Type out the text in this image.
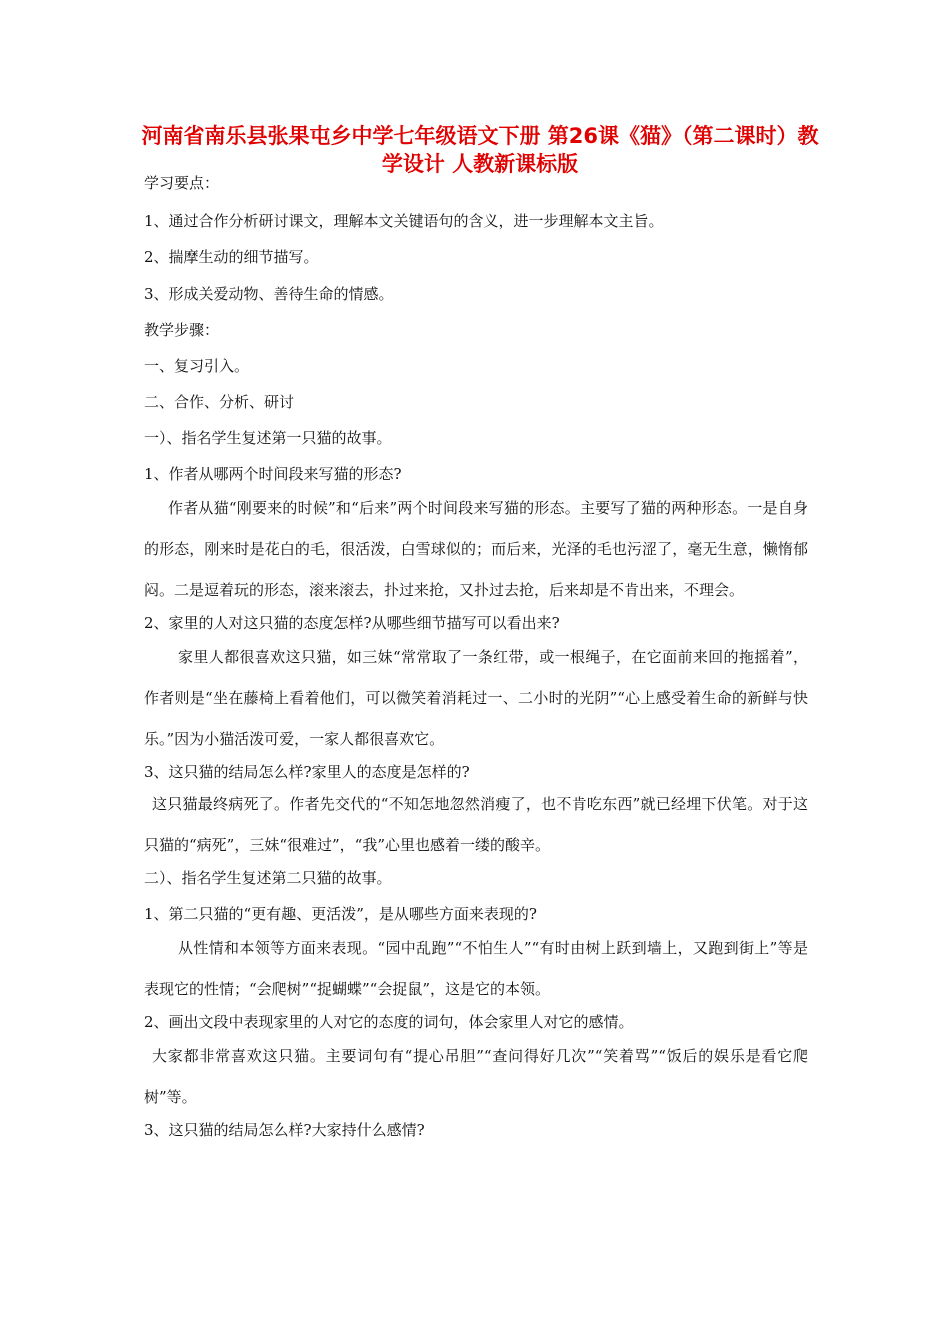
河南省南乐县张果屯乡中学七年级语文下册 第26课《猫》（第二课时）教学设计 人教新课标版

学习要点：

1、通过合作分析研讨课文，理解本文关键语句的含义，进一步理解本文主旨。

2、揣摩生动的细节描写。

3、形成关爱动物、善待生命的情感。

教学步骤：

一、复习引入。

二、合作、分析、研讨

一）、指名学生复述第一只猫的故事。

1、作者从哪两个时间段来写猫的形态?

作者从猫“刚要来的时候”和“后来”两个时间段来写猫的形态。主要写了猫的两种形态。一是自身的形态，刚来时是花白的毛，很活泼，白雪球似的；而后来，光泽的毛也污涩了，毫无生意，懒惰郁闷。二是逗着玩的形态，滚来滚去，扑过来抢，又扑过去抢，后来却是不肯出来，不理会。

2、家里的人对这只猫的态度怎样?从哪些细节描写可以看出来?

家里人都很喜欢这只猫，如三妹“常常取了一条红带，或一根绳子，在它面前来回的拖摇着”，作者则是“坐在藤椅上看着他们，可以微笑着消耗过一、二小时的光阴”“心上感受着生命的新鲜与快乐。”因为小猫活泼可爱，一家人都很喜欢它。

3、这只猫的结局怎么样?家里人的态度是怎样的?

这只猫最终病死了。作者先交代的“不知怎地忽然消瘦了，也不肯吃东西”就已经埋下伏笔。对于这只猫的“病死”，三妹“很难过”，“我”心里也感着一缕的酸辛。

二）、指名学生复述第二只猫的故事。

1、第二只猫的“更有趣、更活泼”，是从哪些方面来表现的?

从性情和本领等方面来表现。“园中乱跑”“不怕生人”“有时由树上跃到墙上，又跑到街上”等是表现它的性情；“会爬树”“捉蝴蝶”“会捉鼠”，这是它的本领。

2、画出文段中表现家里的人对它的态度的词句，体会家里人对它的感情。

大家都非常喜欢这只猫。主要词句有“提心吊胆”“查问得好几次”“笑着骂”“饭后的娱乐是看它爬树”等。

3、这只猫的结局怎么样?大家持什么感情?
